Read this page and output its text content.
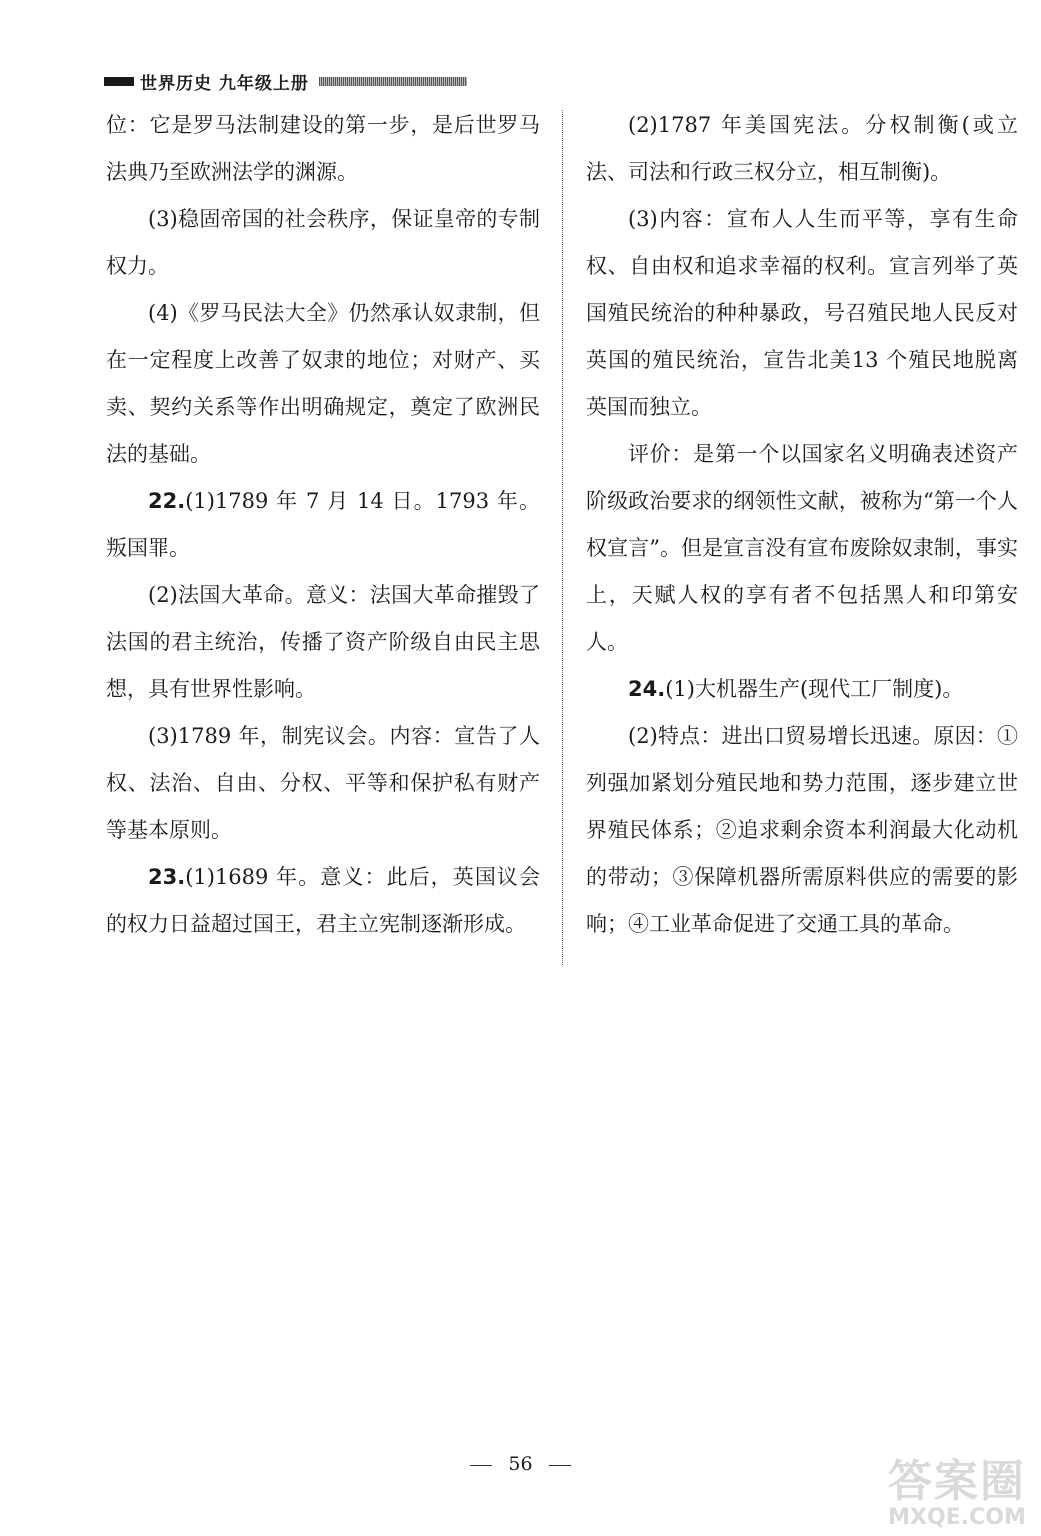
世界历史 九年级上册

位：它是罗马法制建设的第一步，是后世罗马法典乃至欧洲法学的渊源。

(3)稳固帝国的社会秩序，保证皇帝的专制权力。

(4)《罗马民法大全》仍然承认奴隶制，但在一定程度上改善了奴隶的地位；对财产、买卖、契约关系等作出明确规定，奠定了欧洲民法的基础。

22.(1)1789 年 7 月 14 日。1793 年。叛国罪。

(2)法国大革命。意义：法国大革命摧毁了法国的君主统治，传播了资产阶级自由民主思想，具有世界性影响。

(3)1789 年，制宪议会。内容：宣告了人权、法治、自由、分权、平等和保护私有财产等基本原则。

23.(1)1689 年。意义：此后，英国议会的权力日益超过国王，君主立宪制逐渐形成。

(2)1787 年美国宪法。分权制衡(或立法、司法和行政三权分立，相互制衡)。

(3)内容：宣布人人生而平等，享有生命权、自由权和追求幸福的权利。宣言列举了英国殖民统治的种种暴政，号召殖民地人民反对英国的殖民统治，宣告北美13 个殖民地脱离英国而独立。

评价：是第一个以国家名义明确表述资产阶级政治要求的纲领性文献，被称为“第一个人权宣言”。但是宣言没有宣布废除奴隶制，事实上，天赋人权的享有者不包括黑人和印第安人。

24.(1)大机器生产(现代工厂制度)。

(2)特点：进出口贸易增长迅速。原因：①列强加紧划分殖民地和势力范围，逐步建立世界殖民体系；②追求剩余资本利润最大化动机的带动；③保障机器所需原料供应的需要的影响；④工业革命促进了交通工具的革命。

56	答案圈
MXQE.COM
